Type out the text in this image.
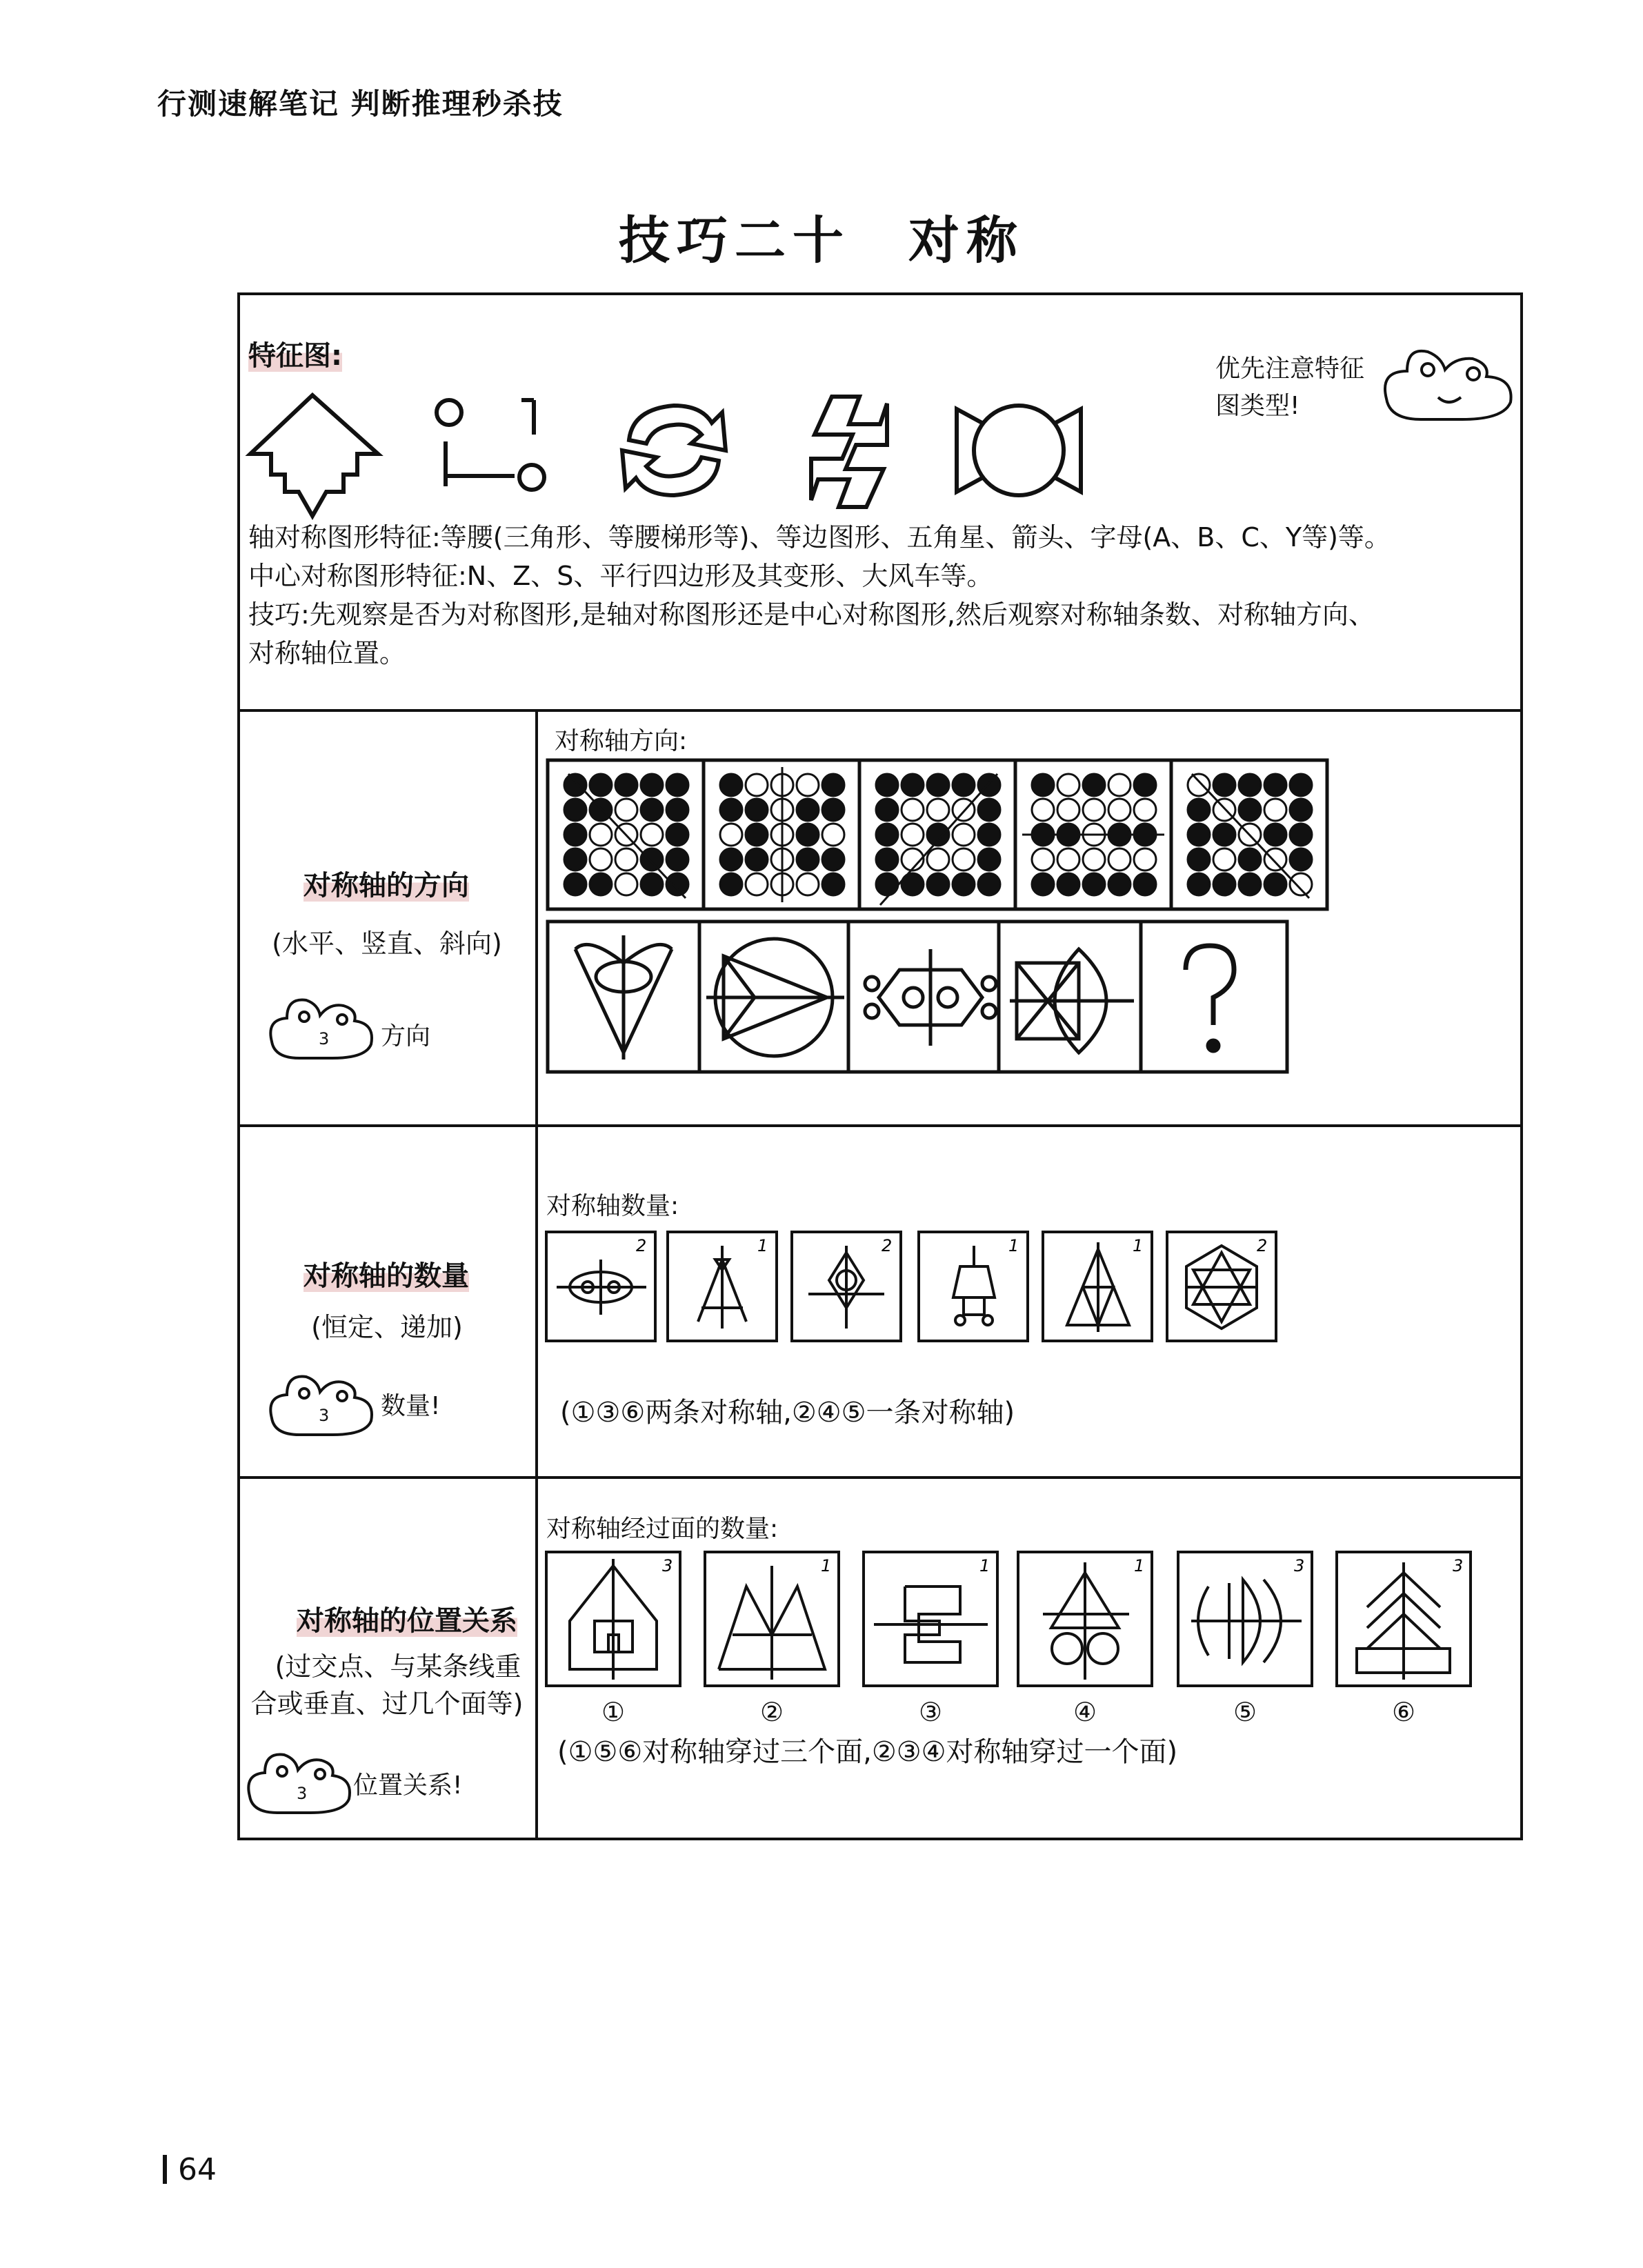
行测速解笔记 判断推理秒杀技
技巧二十　对称
特征图:	优先注意特征
图类型!
轴对称图形特征:等腰(三角形、等腰梯形等)、等边图形、五角星、箭头、字母(A、B、C、Y等)等。
中心对称图形特征:N、Z、S、平行四边形及其变形、大风车等。
技巧:先观察是否为对称图形,是轴对称图形还是中心对称图形,然后观察对称轴条数、对称轴方向、
对称轴位置。
对称轴的方向
(水平、竖直、斜向)
3 方向
对称轴方向:
对称轴的数量
(恒定、递加)
3 数量!
对称轴数量:
2	1	2	1	1	2
(①③⑥两条对称轴,②④⑤一条对称轴)
对称轴的位置关系
(过交点、与某条线重
合或垂直、过几个面等)
3 位置关系!
对称轴经过面的数量:
3	1	1	1	3	3
①	②	③	④	⑤	⑥
(①⑤⑥对称轴穿过三个面,②③④对称轴穿过一个面)
64
